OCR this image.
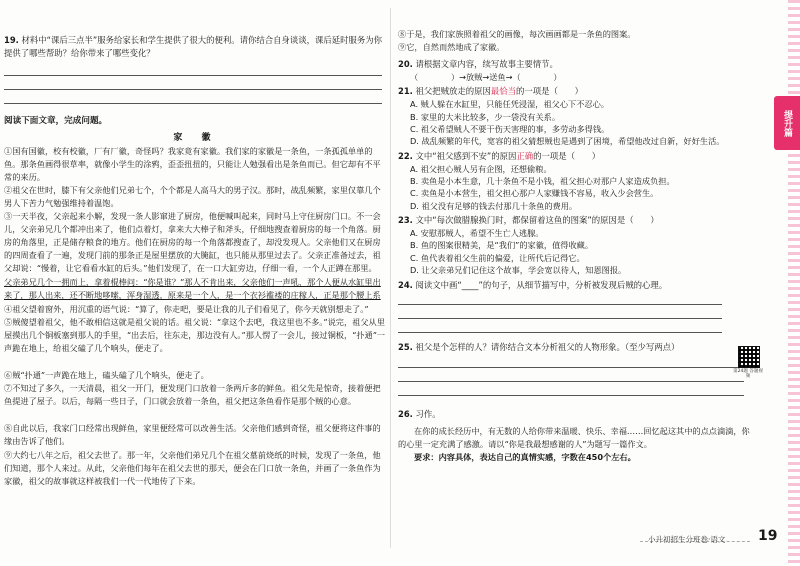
提升篇
19. 材料中“课后三点半”服务给家长和学生提供了很大的便利。请你结合自身谈谈，课后延时服务为你提供了哪些帮助？给你带来了哪些变化？
阅读下面文章，完成问题。
家 徽

①国有国徽，校有校徽，厂有厂徽，奇怪吗？我家竟有家徽。我们家的家徽是一条鱼，一条孤孤单单的鱼。那条鱼画得很草率，就像小学生的涂鸦，歪歪扭扭的，只能让人勉强看出是条鱼而已。但它却有不平常的来历。

②祖父在世时，膝下有父亲他们兄弟七个，个个都是人高马大的男子汉。那时，战乱频繁，家里仅靠几个男人下苦力气勉强维持着温饱。

③一天半夜，父亲起来小解，发现一条人影窜进了厨房，他便喊叫起来，同时马上守住厨房门口。不一会儿，父亲弟兄几个都冲出来了，他们点着灯，拿来大大棒子和斧头，仔细地搜查着厨房的每一个角落。厨房的角落里，正是储存粮食的地方。他们在厨房的每一个角落都搜查了，却没发现人。父亲他们又在厨房的四周查看了一遍，发现门前的那条正是屋里摆放的大腌缸，也只能从那里过去了。父亲正准备过去，祖父却说：“慢着，让它看看水缸的后头。”他们发现了，在一口大缸旁边，仔细一看，一个人正蹲在那里。

父亲弟兄几个一拥而上，拿着棍棒问：“你是谁？”那人不肯出来，父亲他们一声吼，那个人便从水缸里出来了，那人出来，还不断地哆嗦，浑身湿透，原来是一个人，是一个衣衫褴褛的庄稼人，正是那个腰上系

④祖父望着窗外，用沉重的语气说：“算了，你走吧，要是让我的儿子们看见了，你今天就别想走了。”

⑤贼傻望着祖父，他不敢相信这就是祖父说的话。祖父说：“拿这个去吧，我这里也不多。”说完，祖父从里屋摸出几个铜板塞到那人的手里，“出去后，往东走，那边没有人。”那人愣了一会儿，接过铜板，“扑通”一声跪在地上，给祖父磕了几个响头，便走了。

⑥贼“扑通”一声跪在地上，磕头磕了几个响头，便走了。

⑦不知过了多久，一天清晨，祖父一开门，便发现门口放着一条两斤多的鲜鱼。祖父先是惊奇，接着便把鱼提进了屋子。以后，每隔一些日子，门口就会放着一条鱼，祖父把这条鱼看作是那个贼的心意。

⑧自此以后，我家门口经常出现鲜鱼，家里便经常可以改善生活。父亲他们感到奇怪，祖父便将这件事的缘由告诉了他们。

⑨大约七八年之后，祖父去世了。那一年，父亲他们弟兄几个在祖父墓前烧纸的时候，发现了一条鱼，他们知道，那个人来过。从此，父亲他们每年在祖父去世的那天，便会在门口放一条鱼，并画了一条鱼作为家徽，祖父的故事就这样被我们一代一代地传了下来。

⑧于是，我们家族照着祖父的画像，每次画画都是一条鱼的图案。

⑨它，自然而然地成了家徽。

20. 请根据文章内容，续写故事主要情节。
（　　　　）→放贼→送鱼→（　　　　）
21. 祖父把贼放走的原因最恰当的一项是（　　）
A. 贼人躲在水缸里，只能任凭浸湿，祖父心下不忍心。
B. 家里的大米比较多，少一袋没有关系。
C. 祖父希望贼人不要干伤天害理的事，多劳动多得钱。
D. 战乱频繁的年代，宽容的祖父猜想贼也是遇到了困境，希望他改过自新，好好生活。
22. 文中“祖父感到不安”的原因正确的一项是（　　）
A. 祖父担心贼人另有企图，还想偷粮。
B. 卖鱼是小本生意，几十条鱼不是小钱，祖父担心对那户人家造成负担。
C. 卖鱼是小本营生，祖父担心那户人家赚钱不容易，收入少会营生。
D. 祖父没有足够的钱去付那几十条鱼的费用。
23. 文中“每次做腊腺换门时，都保留着这鱼的图案”的原因是（　　）
A. 安慰那贼人，希望不生亡人逃腺。
B. 鱼的图案很精美，是“我们”的家徽，值得收藏。
C. 鱼代表着祖父生前的偏爱，让所代后记得它。
D. 让父亲弟兄们记住这个故事，学会宽以待人，知恩图报。
24. 阅读文中画“____”的句子，从细节描写中，分析被发现后贼的心理。
25. 祖父是个怎样的人？请你结合文本分析祖父的人物形象。（至少写两点）
26. 习作。

在你的成长经历中，有无数的人给你带来温暖、快乐、幸福……回忆起这其中的点点滴滴，你的心里一定充满了感激。请以“你是我最想感谢的人”为题写一篇作文。

要求：内容具体，表达自己的真情实感，字数在450个左右。

第24题 答题视频
小升初招生分班卷·语文 19
